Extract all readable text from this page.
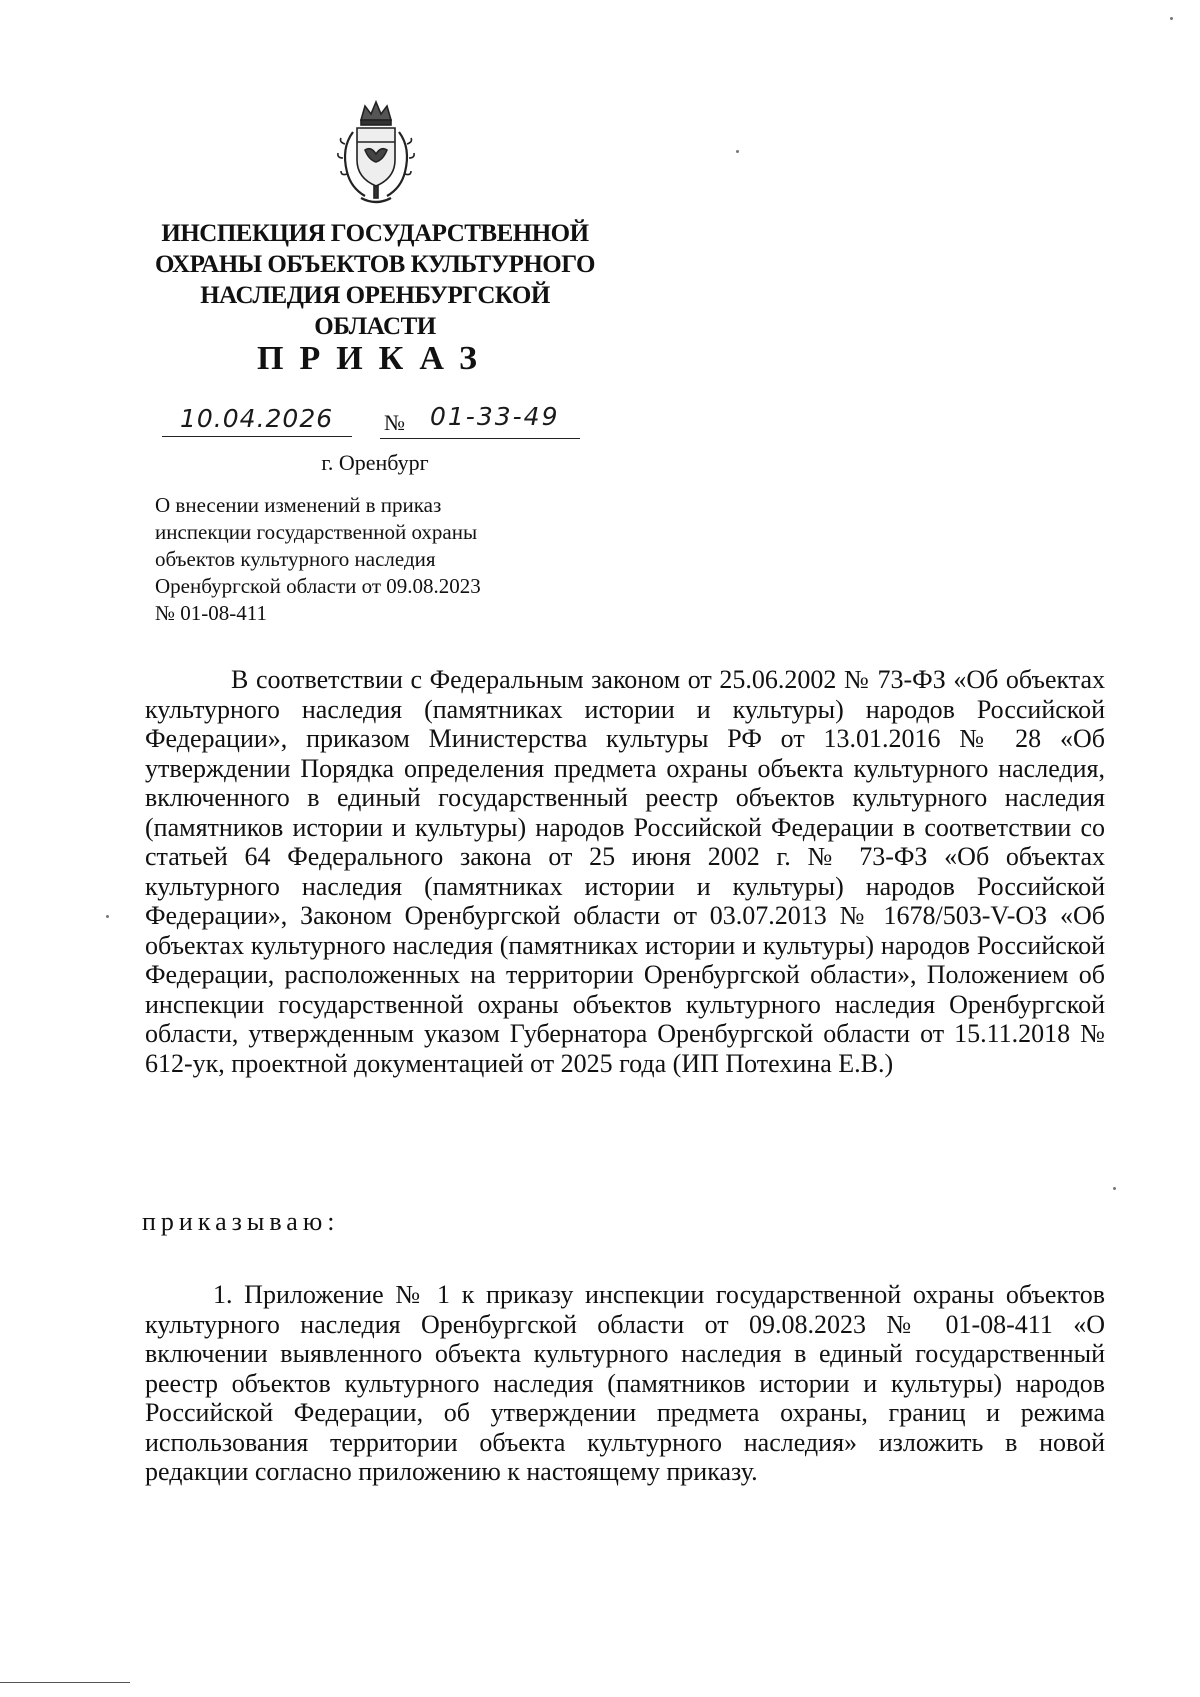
ИНСПЕКЦИЯ ГОСУДАРСТВЕННОЙ
ОХРАНЫ ОБЪЕКТОВ КУЛЬТУРНОГО
НАСЛЕДИЯ ОРЕНБУРГСКОЙ
ОБЛАСТИ
ПРИКАЗ
10.04.2026 № 01-33-49
г. Оренбург
О внесении изменений в приказ
инспекции государственной охраны
объектов культурного наследия
Оренбургской области от 09.08.2023
№ 01-08-411
В соответствии с Федеральным законом от 25.06.2002 № 73-ФЗ «Об объектах культурного наследия (памятниках истории и культуры) народов Российской Федерации», приказом Министерства культуры РФ от 13.01.2016 № 28 «Об утверждении Порядка определения предмета охраны объекта культурного наследия, включенного в единый государственный реестр объектов культурного наследия (памятников истории и культуры) народов Российской Федерации в соответствии со статьей 64 Федерального закона от 25 июня 2002 г. № 73-ФЗ «Об объектах культурного наследия (памятниках истории и культуры) народов Российской Федерации», Законом Оренбургской области от 03.07.2013 № 1678/503-V-ОЗ «Об объектах культурного наследия (памятниках истории и культуры) народов Российской Федерации, расположенных на территории Оренбургской области», Положением об инспекции государственной охраны объектов культурного наследия Оренбургской области, утвержденным указом Губернатора Оренбургской области от 15.11.2018 № 612-ук, проектной документацией от 2025 года (ИП Потехина Е.В.)
приказываю:
1. Приложение № 1 к приказу инспекции государственной охраны объектов культурного наследия Оренбургской области от 09.08.2023 № 01-08-411 «О включении выявленного объекта культурного наследия в единый государственный реестр объектов культурного наследия (памятников истории и культуры) народов Российской Федерации, об утверждении предмета охраны, границ и режима использования территории объекта культурного наследия» изложить в новой редакции согласно приложению к настоящему приказу.
